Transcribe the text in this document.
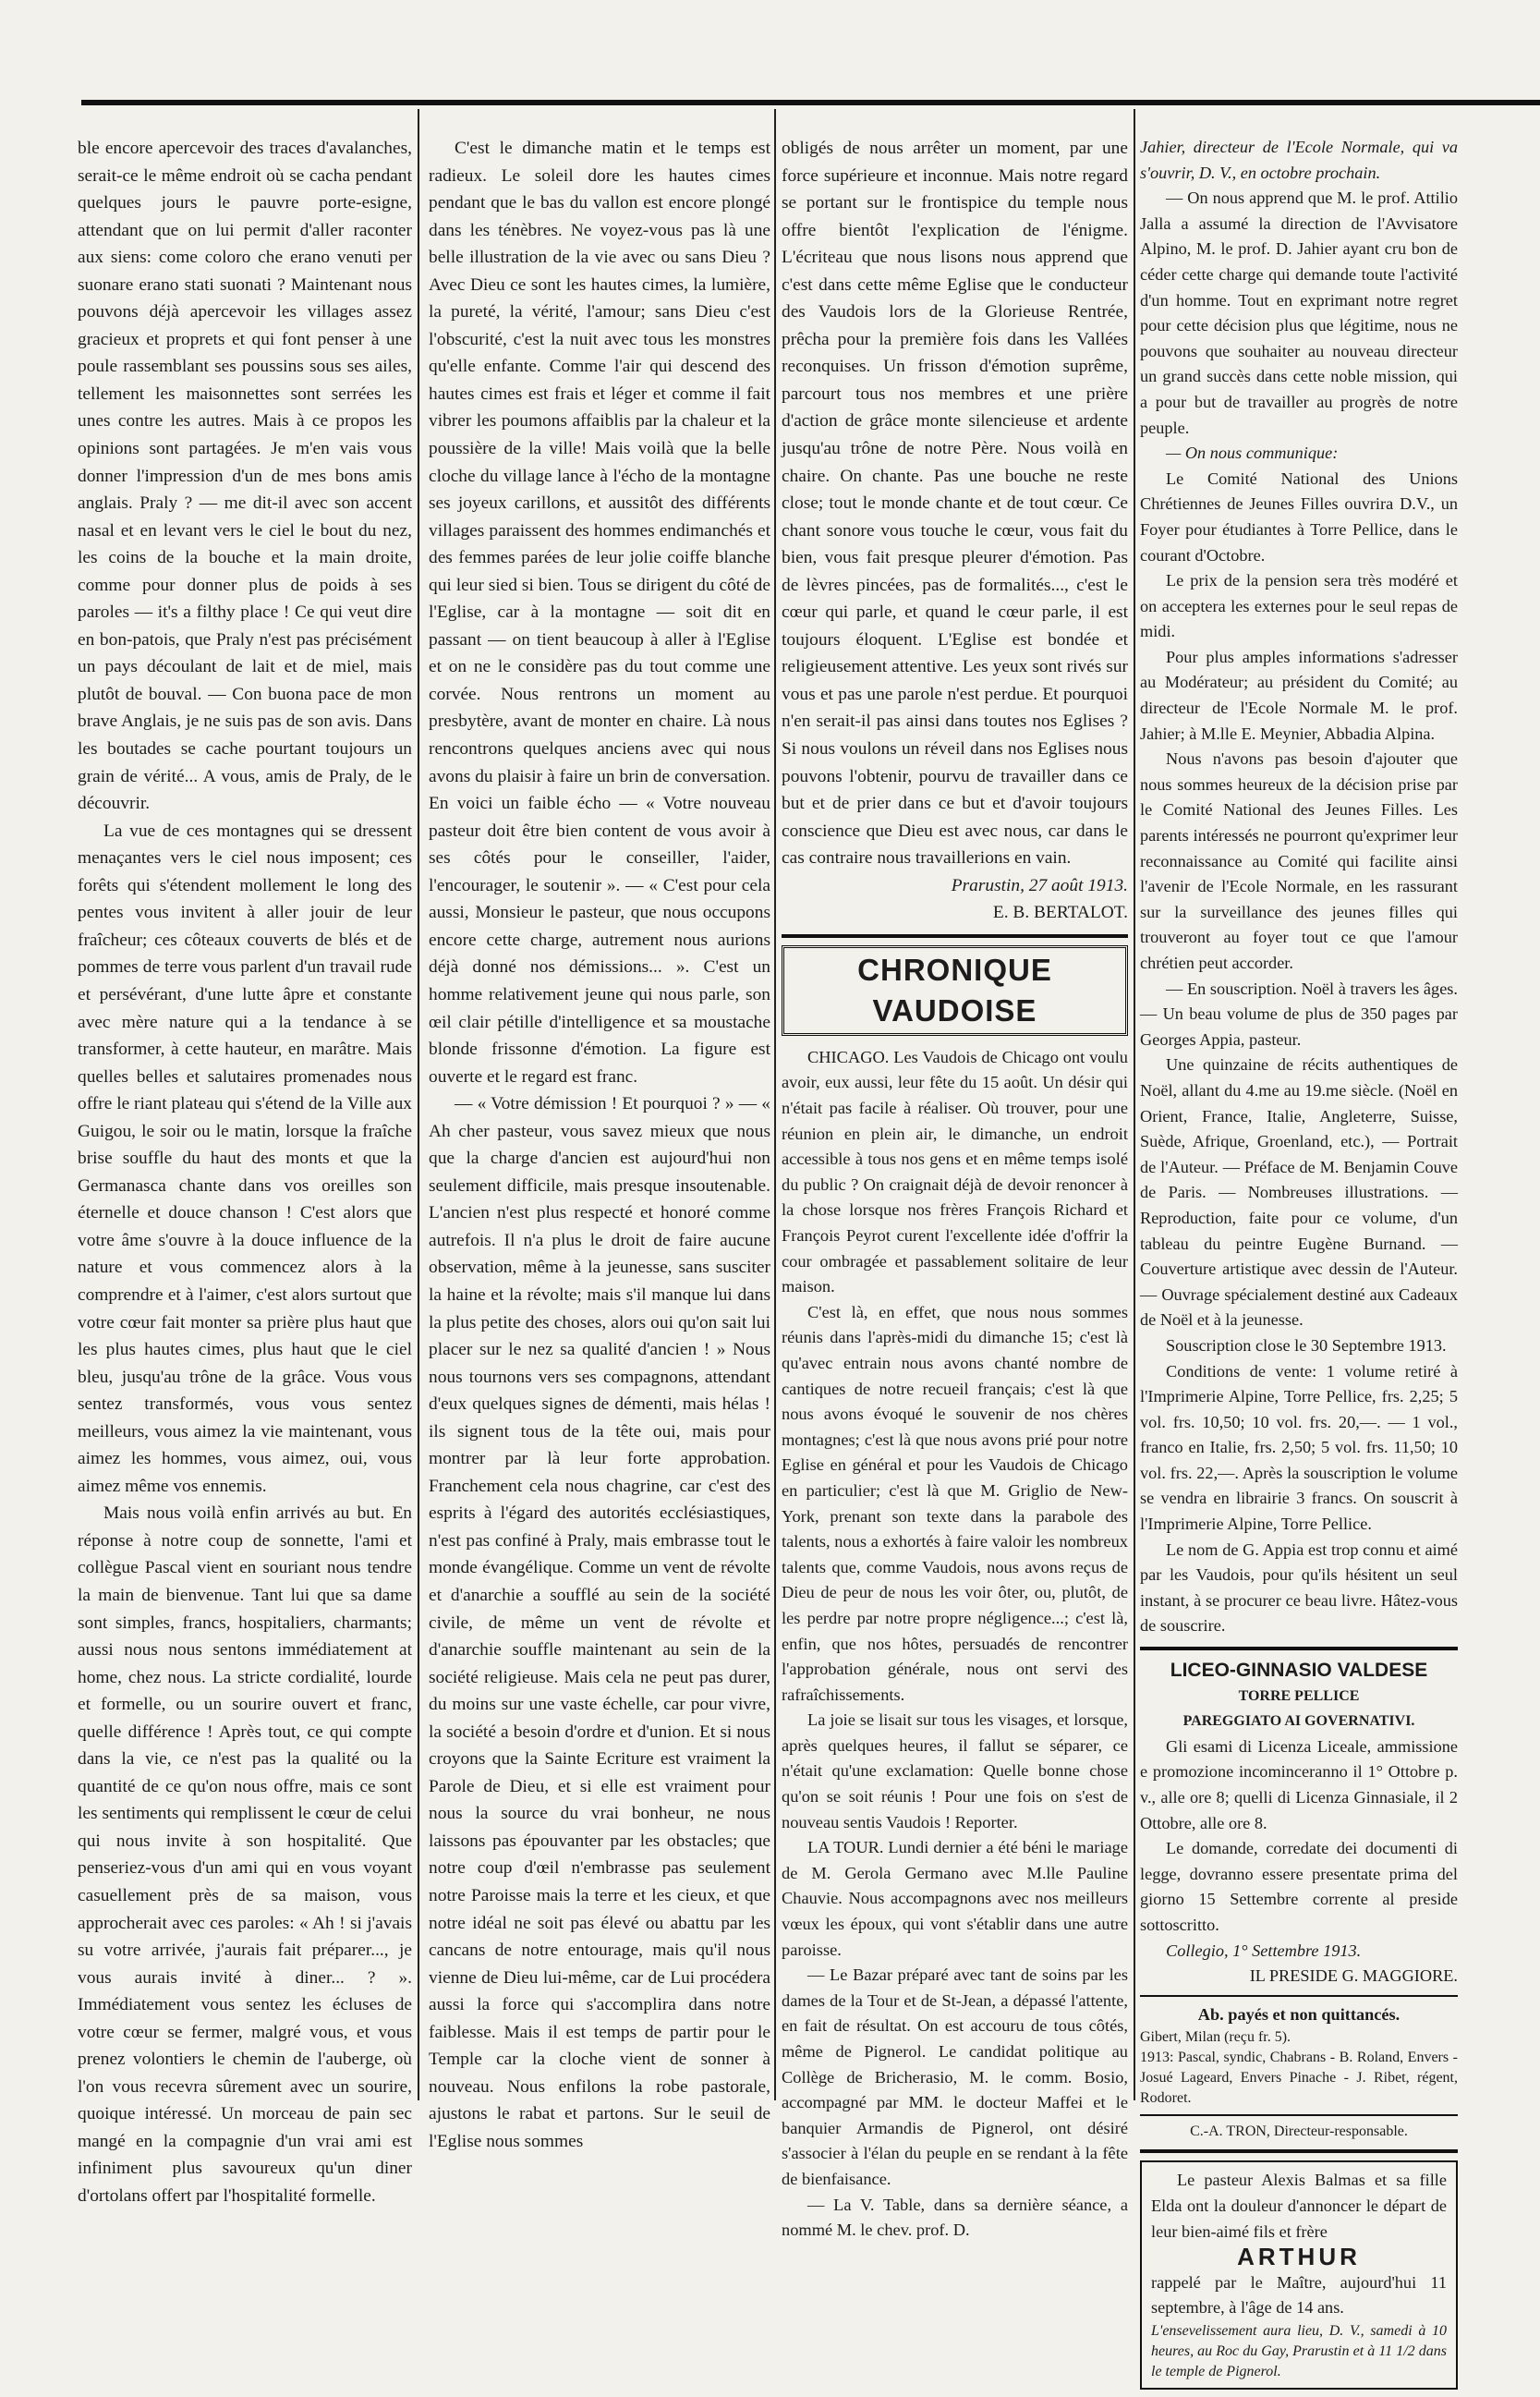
ble encore apercevoir des traces d'avalanches, serait-ce le même endroit où se cacha pendant quelques jours le pauvre porte-esigne, attendant que on lui permit d'aller raconter aux siens: come coloro che erano venuti per suonare erano stati suonati ? Maintenant nous pouvons déjà apercevoir les villages assez gracieux et proprets et qui font penser à une poule rassemblant ses poussins sous ses ailes, tellement les maisonnettes sont serrées les unes contre les autres. Mais à ce propos les opinions sont partagées. Je m'en vais vous donner l'impression d'un de mes bons amis anglais. Praly ? — me dit-il avec son accent nasal et en levant vers le ciel le bout du nez, les coins de la bouche et la main droite, comme pour donner plus de poids à ses paroles — it's a filthy place ! Ce qui veut dire en bon-patois, que Praly n'est pas précisément un pays découlant de lait et de miel, mais plutôt de bouval. — Con buona pace de mon brave Anglais, je ne suis pas de son avis. Dans les boutades se cache pourtant toujours un grain de vérité... A vous, amis de Praly, de le découvrir.

La vue de ces montagnes qui se dressent menaçantes vers le ciel nous imposent; ces forêts qui s'étendent mollement le long des pentes vous invitent à aller jouir de leur fraîcheur; ces côteaux couverts de blés et de pommes de terre vous parlent d'un travail rude et persévérant, d'une lutte âpre et constante avec mère nature qui a la tendance à se transformer, à cette hauteur, en marâtre. Mais quelles belles et salutaires promenades nous offre le riant plateau qui s'étend de la Ville aux Guigou, le soir ou le matin, lorsque la fraîche brise souffle du haut des monts et que la Germanasca chante dans vos oreilles son éternelle et douce chanson ! C'est alors que votre âme s'ouvre à la douce influence de la nature et vous commencez alors à la comprendre et à l'aimer, c'est alors surtout que votre cœur fait monter sa prière plus haut que les plus hautes cimes, plus haut que le ciel bleu, jusqu'au trône de la grâce. Vous vous sentez transformés, vous vous sentez meilleurs, vous aimez la vie maintenant, vous aimez les hommes, vous aimez, oui, vous aimez même vos ennemis.

Mais nous voilà enfin arrivés au but. En réponse à notre coup de sonnette, l'ami et collègue Pascal vient en souriant nous tendre la main de bienvenue. Tant lui que sa dame sont simples, francs, hospitaliers, charmants; aussi nous nous sentons immédiatement at home, chez nous. La stricte cordialité, lourde et formelle, ou un sourire ouvert et franc, quelle différence ! Après tout, ce qui compte dans la vie, ce n'est pas la qualité ou la quantité de ce qu'on nous offre, mais ce sont les sentiments qui remplissent le cœur de celui qui nous invite à son hospitalité. Que penseriez-vous d'un ami qui en vous voyant casuellement près de sa maison, vous approcherait avec ces paroles: « Ah ! si j'avais su votre arrivée, j'aurais fait préparer..., je vous aurais invité à diner... ? ». Immédiatement vous sentez les écluses de votre cœur se fermer, malgré vous, et vous prenez volontiers le chemin de l'auberge, où l'on vous recevra sûrement avec un sourire, quoique intéressé. Un morceau de pain sec mangé en la compagnie d'un vrai ami est infiniment plus savoureux qu'un diner d'ortolans offert par l'hospitalité formelle.

C'est le dimanche matin et le temps est radieux. Le soleil dore les hautes cimes pendant que le bas du vallon est encore plongé dans les ténèbres. Ne voyez-vous pas là une belle illustration de la vie avec ou sans Dieu ? Avec Dieu ce sont les hautes cimes, la lumière, la pureté, la vérité, l'amour; sans Dieu c'est l'obscurité, c'est la nuit avec tous les monstres qu'elle enfante. Comme l'air qui descend des hautes cimes est frais et léger et comme il fait vibrer les poumons affaiblis par la chaleur et la poussière de la ville! Mais voilà que la belle cloche du village lance à l'écho de la montagne ses joyeux carillons, et aussitôt des différents villages paraissent des hommes endimanchés et des femmes parées de leur jolie coiffe blanche qui leur sied si bien. Tous se dirigent du côté de l'Eglise, car à la montagne — soit dit en passant — on tient beaucoup à aller à l'Eglise et on ne le considère pas du tout comme une corvée. Nous rentrons un moment au presbytère, avant de monter en chaire. Là nous rencontrons quelques anciens avec qui nous avons du plaisir à faire un brin de conversation. En voici un faible écho — « Votre nouveau pasteur doit être bien content de vous avoir à ses côtés pour le conseiller, l'aider, l'encourager, le soutenir ». — « C'est pour cela aussi, Monsieur le pasteur, que nous occupons encore cette charge, autrement nous aurions déjà donné nos démissions... ». C'est un homme relativement jeune qui nous parle, son œil clair pétille d'intelligence et sa moustache blonde frissonne d'émotion. La figure est ouverte et le regard est franc.

— « Votre démission ! Et pourquoi ? » — « Ah cher pasteur, vous savez mieux que nous que la charge d'ancien est aujourd'hui non seulement difficile, mais presque insoutenable. L'ancien n'est plus respecté et honoré comme autrefois. Il n'a plus le droit de faire aucune observation, même à la jeunesse, sans susciter la haine et la révolte; mais s'il manque lui dans la plus petite des choses, alors oui qu'on sait lui placer sur le nez sa qualité d'ancien ! » Nous nous tournons vers ses compagnons, attendant d'eux quelques signes de démenti, mais hélas ! ils signent tous de la tête oui, mais pour montrer par là leur forte approbation. Franchement cela nous chagrine, car c'est des esprits à l'égard des autorités ecclésiastiques, n'est pas confiné à Praly, mais embrasse tout le monde évangélique. Comme un vent de révolte et d'anarchie a soufflé au sein de la société civile, de même un vent de révolte et d'anarchie souffle maintenant au sein de la société religieuse. Mais cela ne peut pas durer, du moins sur une vaste échelle, car pour vivre, la société a besoin d'ordre et d'union. Et si nous croyons que la Sainte Ecriture est vraiment la Parole de Dieu, et si elle est vraiment pour nous la source du vrai bonheur, ne nous laissons pas épouvanter par les obstacles; que notre coup d'œil n'embrasse pas seulement notre Paroisse mais la terre et les cieux, et que notre idéal ne soit pas élevé ou abattu par les cancans de notre entourage, mais qu'il nous vienne de Dieu lui-même, car de Lui procédera aussi la force qui s'accomplira dans notre faiblesse. Mais il est temps de partir pour le Temple car la cloche vient de sonner à nouveau. Nous enfilons la robe pastorale, ajustons le rabat et partons. Sur le seuil de l'Eglise nous sommes

obligés de nous arrêter un moment, par une force supérieure et inconnue. Mais notre regard se portant sur le frontispice du temple nous offre bientôt l'explication de l'énigme. L'écriteau que nous lisons nous apprend que c'est dans cette même Eglise que le conducteur des Vaudois lors de la Glorieuse Rentrée, prêcha pour la première fois dans les Vallées reconquises. Un frisson d'émotion suprême, parcourt tous nos membres et une prière d'action de grâce monte silencieuse et ardente jusqu'au trône de notre Père. Nous voilà en chaire. On chante. Pas une bouche ne reste close; tout le monde chante et de tout cœur. Ce chant sonore vous touche le cœur, vous fait du bien, vous fait presque pleurer d'émotion. Pas de lèvres pincées, pas de formalités..., c'est le cœur qui parle, et quand le cœur parle, il est toujours éloquent. L'Eglise est bondée et religieusement attentive. Les yeux sont rivés sur vous et pas une parole n'est perdue. Et pourquoi n'en serait-il pas ainsi dans toutes nos Eglises ? Si nous voulons un réveil dans nos Eglises nous pouvons l'obtenir, pourvu de travailler dans ce but et de prier dans ce but et d'avoir toujours conscience que Dieu est avec nous, car dans le cas contraire nous travaillerions en vain.

Prarustin, 27 août 1913.

E. B. BERTALOT.

CHRONIQUE VAUDOISE

CHICAGO. Les Vaudois de Chicago ont voulu avoir, eux aussi, leur fête du 15 août. Un désir qui n'était pas facile à réaliser. Où trouver, pour une réunion en plein air, le dimanche, un endroit accessible à tous nos gens et en même temps isolé du public ? On craignait déjà de devoir renoncer à la chose lorsque nos frères François Richard et François Peyrot curent l'excellente idée d'offrir la cour ombragée et passablement solitaire de leur maison.

C'est là, en effet, que nous nous sommes réunis dans l'après-midi du dimanche 15; c'est là qu'avec entrain nous avons chanté nombre de cantiques de notre recueil français; c'est là que nous avons évoqué le souvenir de nos chères montagnes; c'est là que nous avons prié pour notre Eglise en général et pour les Vaudois de Chicago en particulier; c'est là que M. Griglio de New-York, prenant son texte dans la parabole des talents, nous a exhortés à faire valoir les nombreux talents que, comme Vaudois, nous avons reçus de Dieu de peur de nous les voir ôter, ou, plutôt, de les perdre par notre propre négligence...; c'est là, enfin, que nos hôtes, persuadés de rencontrer l'approbation générale, nous ont servi des rafraîchissements.

La joie se lisait sur tous les visages, et lorsque, après quelques heures, il fallut se séparer, ce n'était qu'une exclamation: Quelle bonne chose qu'on se soit réunis ! Pour une fois on s'est de nouveau sentis Vaudois ! Reporter.

LA TOUR. Lundi dernier a été béni le mariage de M. Gerola Germano avec M.lle Pauline Chauvie. Nous accompagnons avec nos meilleurs vœux les époux, qui vont s'établir dans une autre paroisse.

— Le Bazar préparé avec tant de soins par les dames de la Tour et de St-Jean, a dépassé l'attente, en fait de résultat. On est accouru de tous côtés, même de Pignerol. Le candidat politique au Collège de Bricherasio, M. le comm. Bosio, accompagné par MM. le docteur Maffei et le banquier Armandis de Pignerol, ont désiré s'associer à l'élan du peuple en se rendant à la fête de bienfaisance.

— La V. Table, dans sa dernière séance, a nommé M. le chev. prof. D.

Jahier, directeur de l'Ecole Normale, qui va s'ouvrir, D. V., en octobre prochain.

— On nous apprend que M. le prof. Attilio Jalla a assumé la direction de l'Avvisatore Alpino, M. le prof. D. Jahier ayant cru bon de céder cette charge qui demande toute l'activité d'un homme. Tout en exprimant notre regret pour cette décision plus que légitime, nous ne pouvons que souhaiter au nouveau directeur un grand succès dans cette noble mission, qui a pour but de travailler au progrès de notre peuple.

— On nous communique:

Le Comité National des Unions Chrétiennes de Jeunes Filles ouvrira D.V., un Foyer pour étudiantes à Torre Pellice, dans le courant d'Octobre.

Le prix de la pension sera très modéré et on acceptera les externes pour le seul repas de midi.

Pour plus amples informations s'adresser au Modérateur; au président du Comité; au directeur de l'Ecole Normale M. le prof. Jahier; à M.lle E. Meynier, Abbadia Alpina.

Nous n'avons pas besoin d'ajouter que nous sommes heureux de la décision prise par le Comité National des Jeunes Filles. Les parents intéressés ne pourront qu'exprimer leur reconnaissance au Comité qui facilite ainsi l'avenir de l'Ecole Normale, en les rassurant sur la surveillance des jeunes filles qui trouveront au foyer tout ce que l'amour chrétien peut accorder.

— En souscription. Noël à travers les âges. — Un beau volume de plus de 350 pages par Georges Appia, pasteur.

Une quinzaine de récits authentiques de Noël, allant du 4.me au 19.me siècle. (Noël en Orient, France, Italie, Angleterre, Suisse, Suède, Afrique, Groenland, etc.), — Portrait de l'Auteur. — Préface de M. Benjamin Couve de Paris. — Nombreuses illustrations. — Reproduction, faite pour ce volume, d'un tableau du peintre Eugène Burnand. — Couverture artistique avec dessin de l'Auteur. — Ouvrage spécialement destiné aux Cadeaux de Noël et à la jeunesse.

Souscription close le 30 Septembre 1913.

Conditions de vente: 1 volume retiré à l'Imprimerie Alpine, Torre Pellice, frs. 2,25; 5 vol. frs. 10,50; 10 vol. frs. 20,—. — 1 vol., franco en Italie, frs. 2,50; 5 vol. frs. 11,50; 10 vol. frs. 22,—. Après la souscription le volume se vendra en librairie 3 francs. On souscrit à l'Imprimerie Alpine, Torre Pellice.

Le nom de G. Appia est trop connu et aimé par les Vaudois, pour qu'ils hésitent un seul instant, à se procurer ce beau livre. Hâtez-vous de souscrire.

LICEO-GINNASIO VALDESE
TORRE PELLICE
PAREGGIATO AI GOVERNATIVI.

Gli esami di Licenza Liceale, ammissione e promozione incominceranno il 1° Ottobre p. v., alle ore 8; quelli di Licenza Ginnasiale, il 2 Ottobre, alle ore 8.

Le domande, corredate dei documenti di legge, dovranno essere presentate prima del giorno 15 Settembre corrente al preside sottoscritto.

Collegio, 1° Settembre 1913.

IL PRESIDE G. MAGGIORE.

Ab. payés et non quittancés.
Gibert, Milan (reçu fr. 5).
1913: Pascal, syndic, Chabrans - B. Roland, Envers - Josué Lageard, Envers Pinache - J. Ribet, régent, Rodoret.
C.-A. TRON, Directeur-responsable.

Le pasteur Alexis Balmas et sa fille Elda ont la douleur d'annoncer le départ de leur bien-aimé fils et frère

ARTHUR

rappelé par le Maître, aujourd'hui 11 septembre, à l'âge de 14 ans.

L'ensevelissement aura lieu, D. V., samedi à 10 heures, au Roc du Gay, Prarustin et à 11 1/2 dans le temple de Pignerol.
